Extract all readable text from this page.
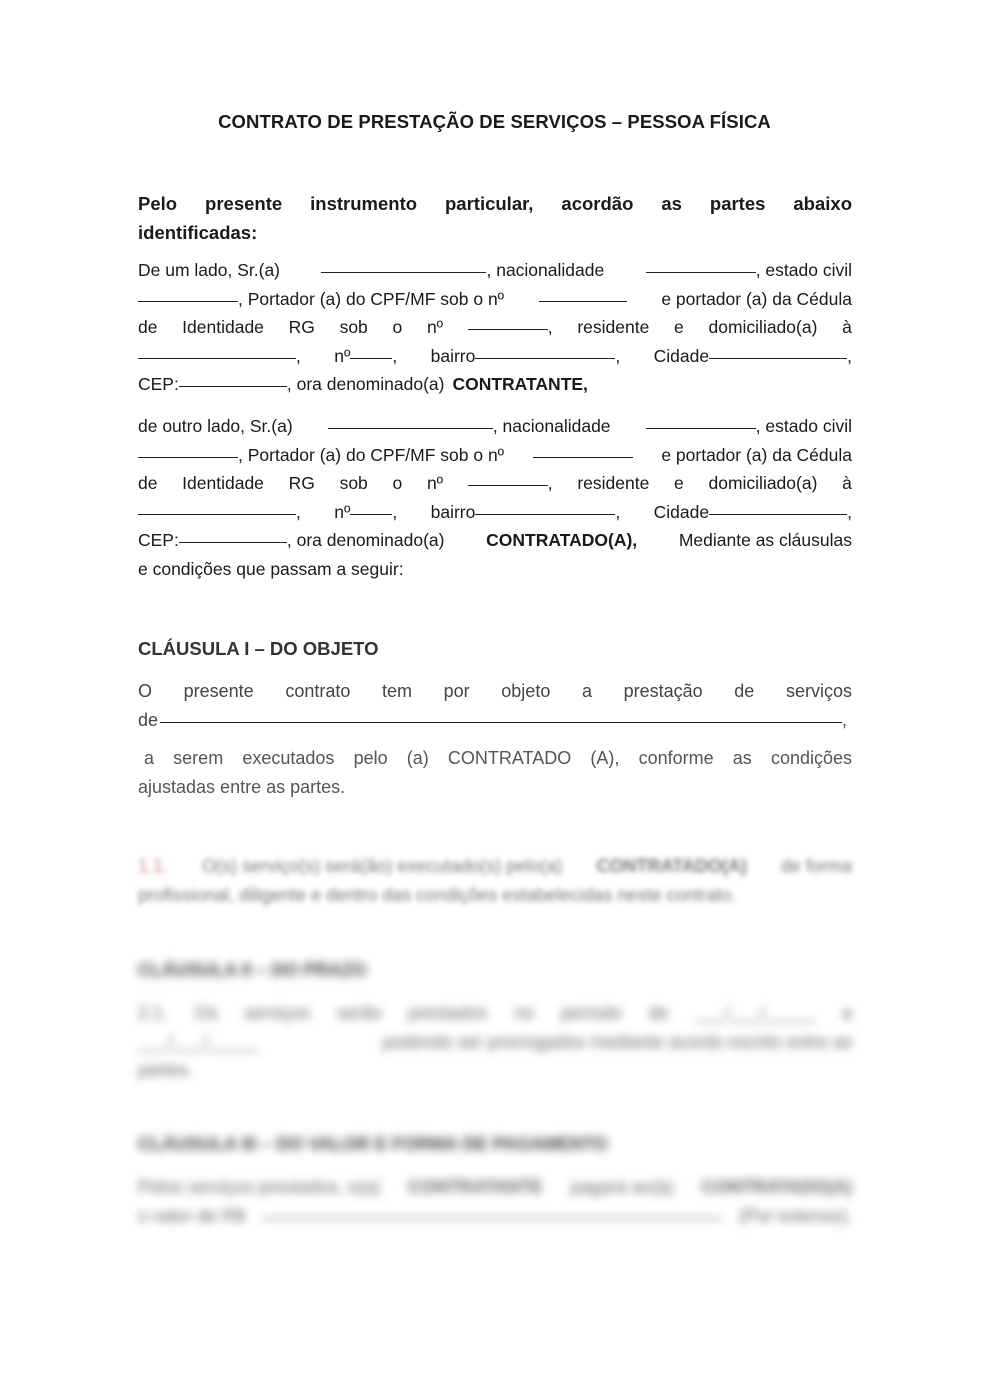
CONTRATO DE PRESTAÇÃO DE SERVIÇOS – PESSOA FÍSICA
Pelo presente instrumento particular, acordão as partes abaixo
identificadas:
De um lado, Sr.(a)	, nacionalidade	, estado civil
, Portador (a) do CPF/MF sob o nº	e portador (a) da Cédula
de Identidade RG sob o nº	, residente e domiciliado(a) à
, nº , bairro	, Cidade	,
CEP:	, ora denominado(a) CONTRATANTE,
de outro lado, Sr.(a)	, nacionalidade	, estado civil
, Portador (a) do CPF/MF sob o nº	e portador (a) da Cédula
de Identidade RG sob o nº	, residente e domiciliado(a) à
, nº , bairro	, Cidade	,
CEP:	, ora denominado(a) CONTRATADO(A), Mediante as cláusulas
e condições que passam a seguir:
CLÁUSULA I – DO OBJETO
O presente contrato tem por objeto a prestação de serviços
de	,
a serem executados pelo (a) CONTRATADO (A), conforme as condições
ajustadas entre as partes.
1.1. O(s) serviço(s) será(ão) executado(s) pelo(a) CONTRATADO(A) de forma
profissional, diligente e dentro das condições estabelecidas neste contrato.
CLÁUSULA II – DO PRAZO
2.1. Os serviços serão prestados no período de ___/___/_____ a
___/___/_____	podendo ser prorrogados mediante acordo escrito entre as
partes.
CLÁUSULA III – DO VALOR E FORMA DE PAGAMENTO
Pelos serviços prestados, o(a) CONTRATANTE pagará ao(à) CONTRATADO(A)
o valor de R$	(Por extenso).
